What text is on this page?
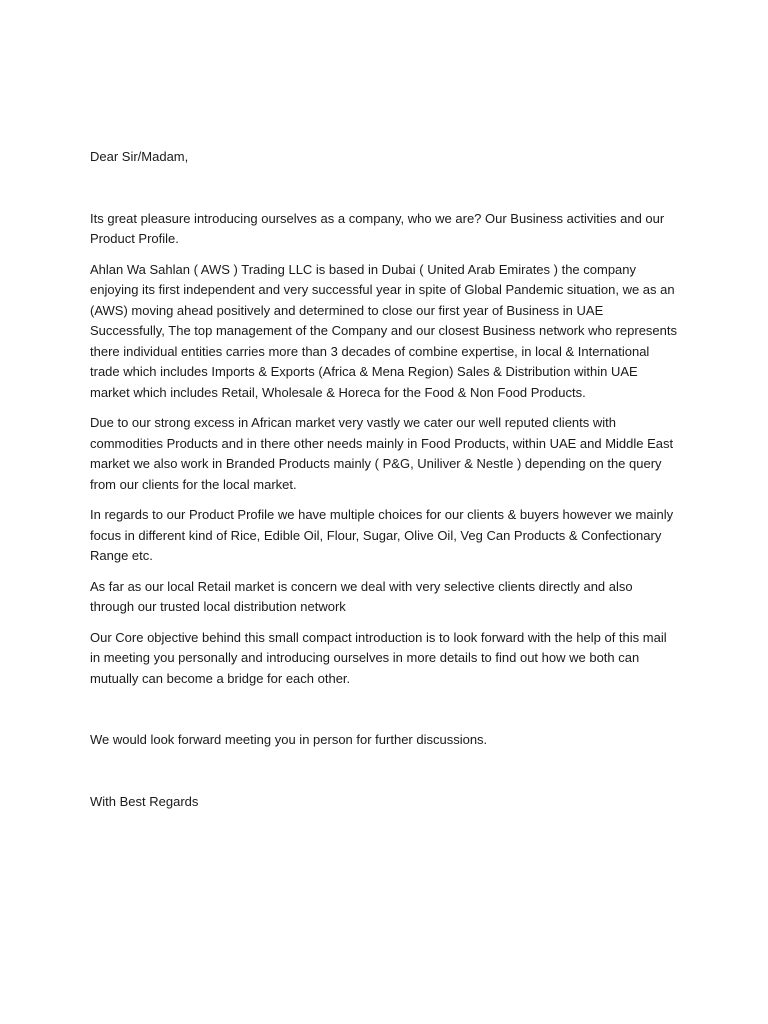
Dear Sir/Madam,

Its great pleasure introducing ourselves as a company, who we are? Our Business activities and our Product Profile.

Ahlan Wa Sahlan ( AWS ) Trading LLC is based in Dubai ( United Arab Emirates ) the company enjoying its first independent and very successful year in spite of Global Pandemic situation, we as an (AWS) moving ahead positively and determined to close our first year of Business in UAE Successfully, The top management of the Company and our closest Business network who represents there individual entities carries more than 3 decades of combine expertise, in local & International trade which includes Imports & Exports (Africa & Mena Region) Sales & Distribution within UAE market which includes Retail, Wholesale & Horeca for the Food & Non Food Products.

Due to our strong excess in African market very vastly we cater our well reputed clients with commodities Products and in there other needs mainly in Food Products, within UAE and Middle East market we also work in Branded Products mainly ( P&G, Uniliver & Nestle ) depending on the query from our clients for the local market.

In regards to our Product Profile we have multiple choices for our clients & buyers however we mainly focus in different kind of Rice, Edible Oil, Flour, Sugar, Olive Oil, Veg Can Products & Confectionary Range etc.

As far as our local Retail market is concern we deal with very selective clients directly and also through our trusted local distribution network

Our Core objective behind this small compact introduction is to look forward with the help of this mail in meeting you personally and introducing ourselves in more details to find out how we both can mutually can become a bridge for each other.

We would look forward meeting you in person for further discussions.

With Best Regards
